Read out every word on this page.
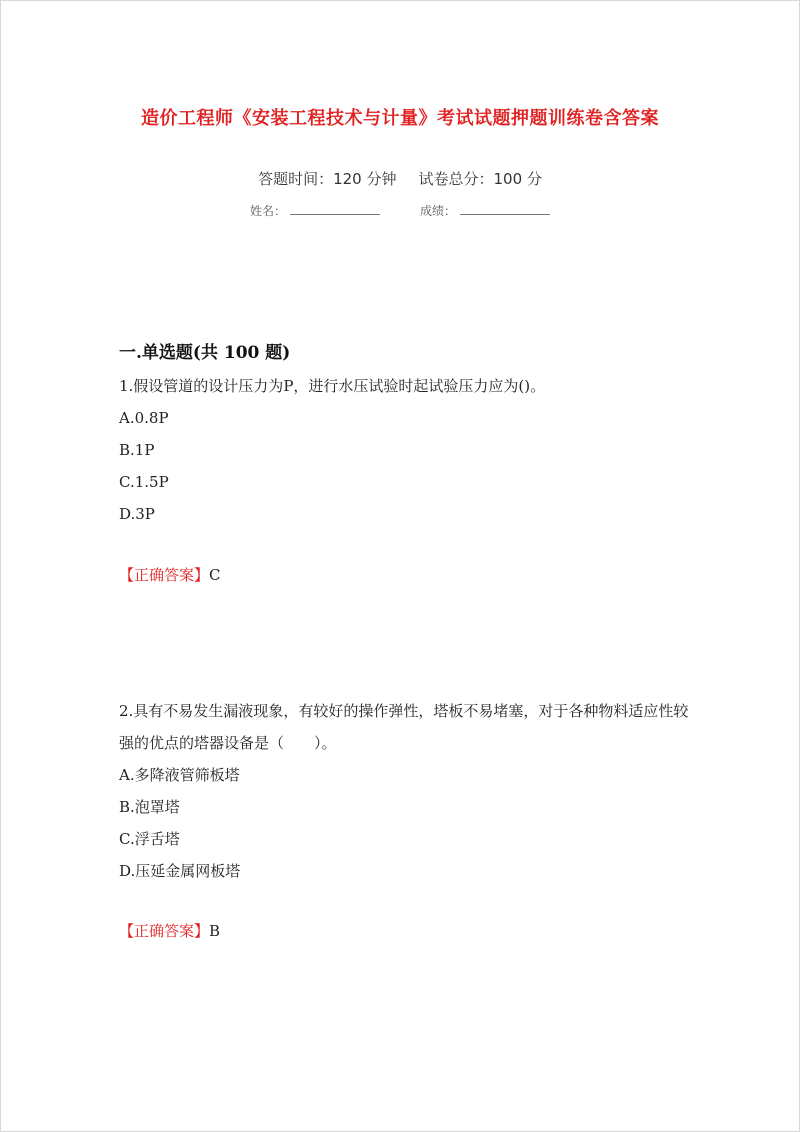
造价工程师《安装工程技术与计量》考试试题押题训练卷含答案
答题时间：120 分钟 试卷总分：100 分
姓名：	成绩：
一.单选题(共 100 题)

1.假设管道的设计压力为P，进行水压试验时起试验压力应为()。

A.0.8P

B.1P

C.1.5P

D.3P

【正确答案】C

2.具有不易发生漏液现象，有较好的操作弹性，塔板不易堵塞，对于各种物料适应性较强的优点的塔器设备是（　　）。

A.多降液管筛板塔

B.泡罩塔

C.浮舌塔

D.压延金属网板塔

【正确答案】B
